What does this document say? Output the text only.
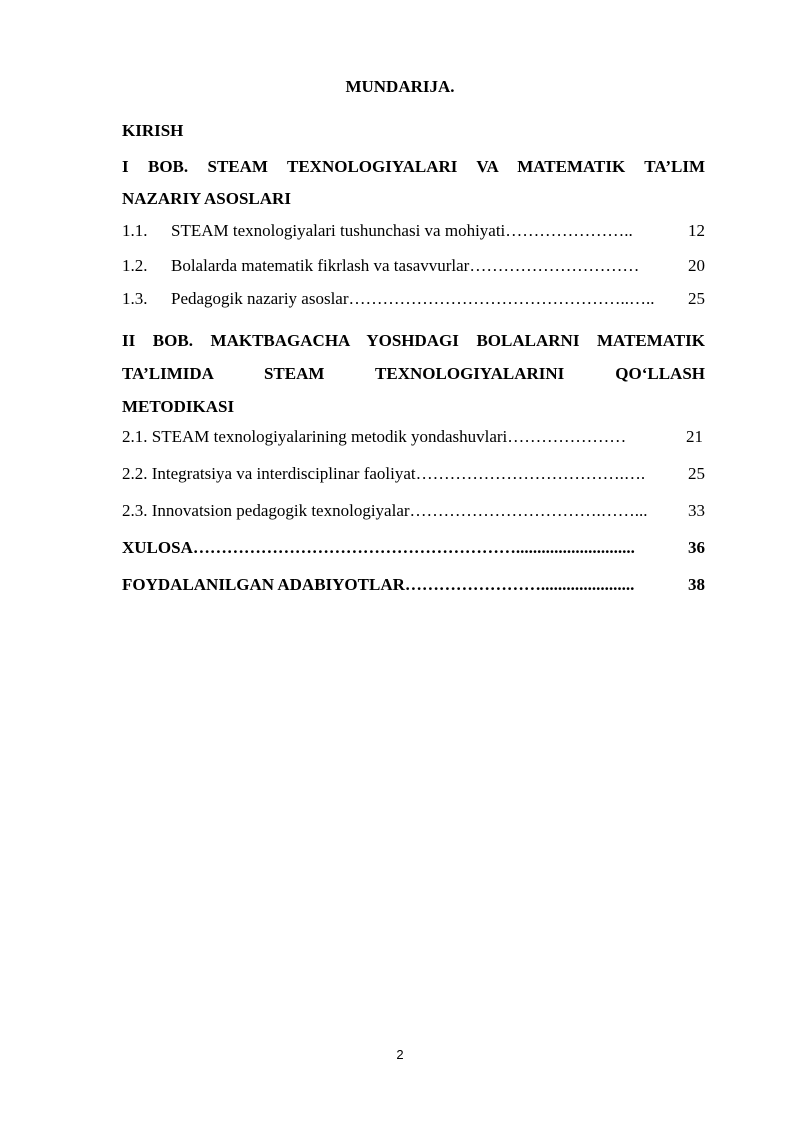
MUNDARIJA.
KIRISH
I BOB. STEAM TEXNOLOGIYALARI VA MATEMATIK TA’LIM
NAZARIY ASOSLARI
1.1.	STEAM texnologiyalari tushunchasi va mohiyati …………………..	12
1.2.	Bolalarda matematik fikrlash va tasavvurlar …………………………	20
1.3.	Pedagogik nazariy asoslar …………………………………………..…..	25
II BOB. MAKTBAGACHA YOSHDAGI BOLALARNI MATEMATIK
TA’LIMIDA STEAM TEXNOLOGIYALARINI QO‘LLASH
METODIKASI
2.1. STEAM texnologiyalarining metodik yondashuvlari …………………	21
2.2. Integratsiya va interdisciplinar faoliyat ……………………………….….	25
2.3. Innovatsion pedagogik texnologiyalar …………………………….……...	33
XULOSA …………………………………………………............................	36
FOYDALANILGAN ADABIYOTLAR ……………………......................	38
2
